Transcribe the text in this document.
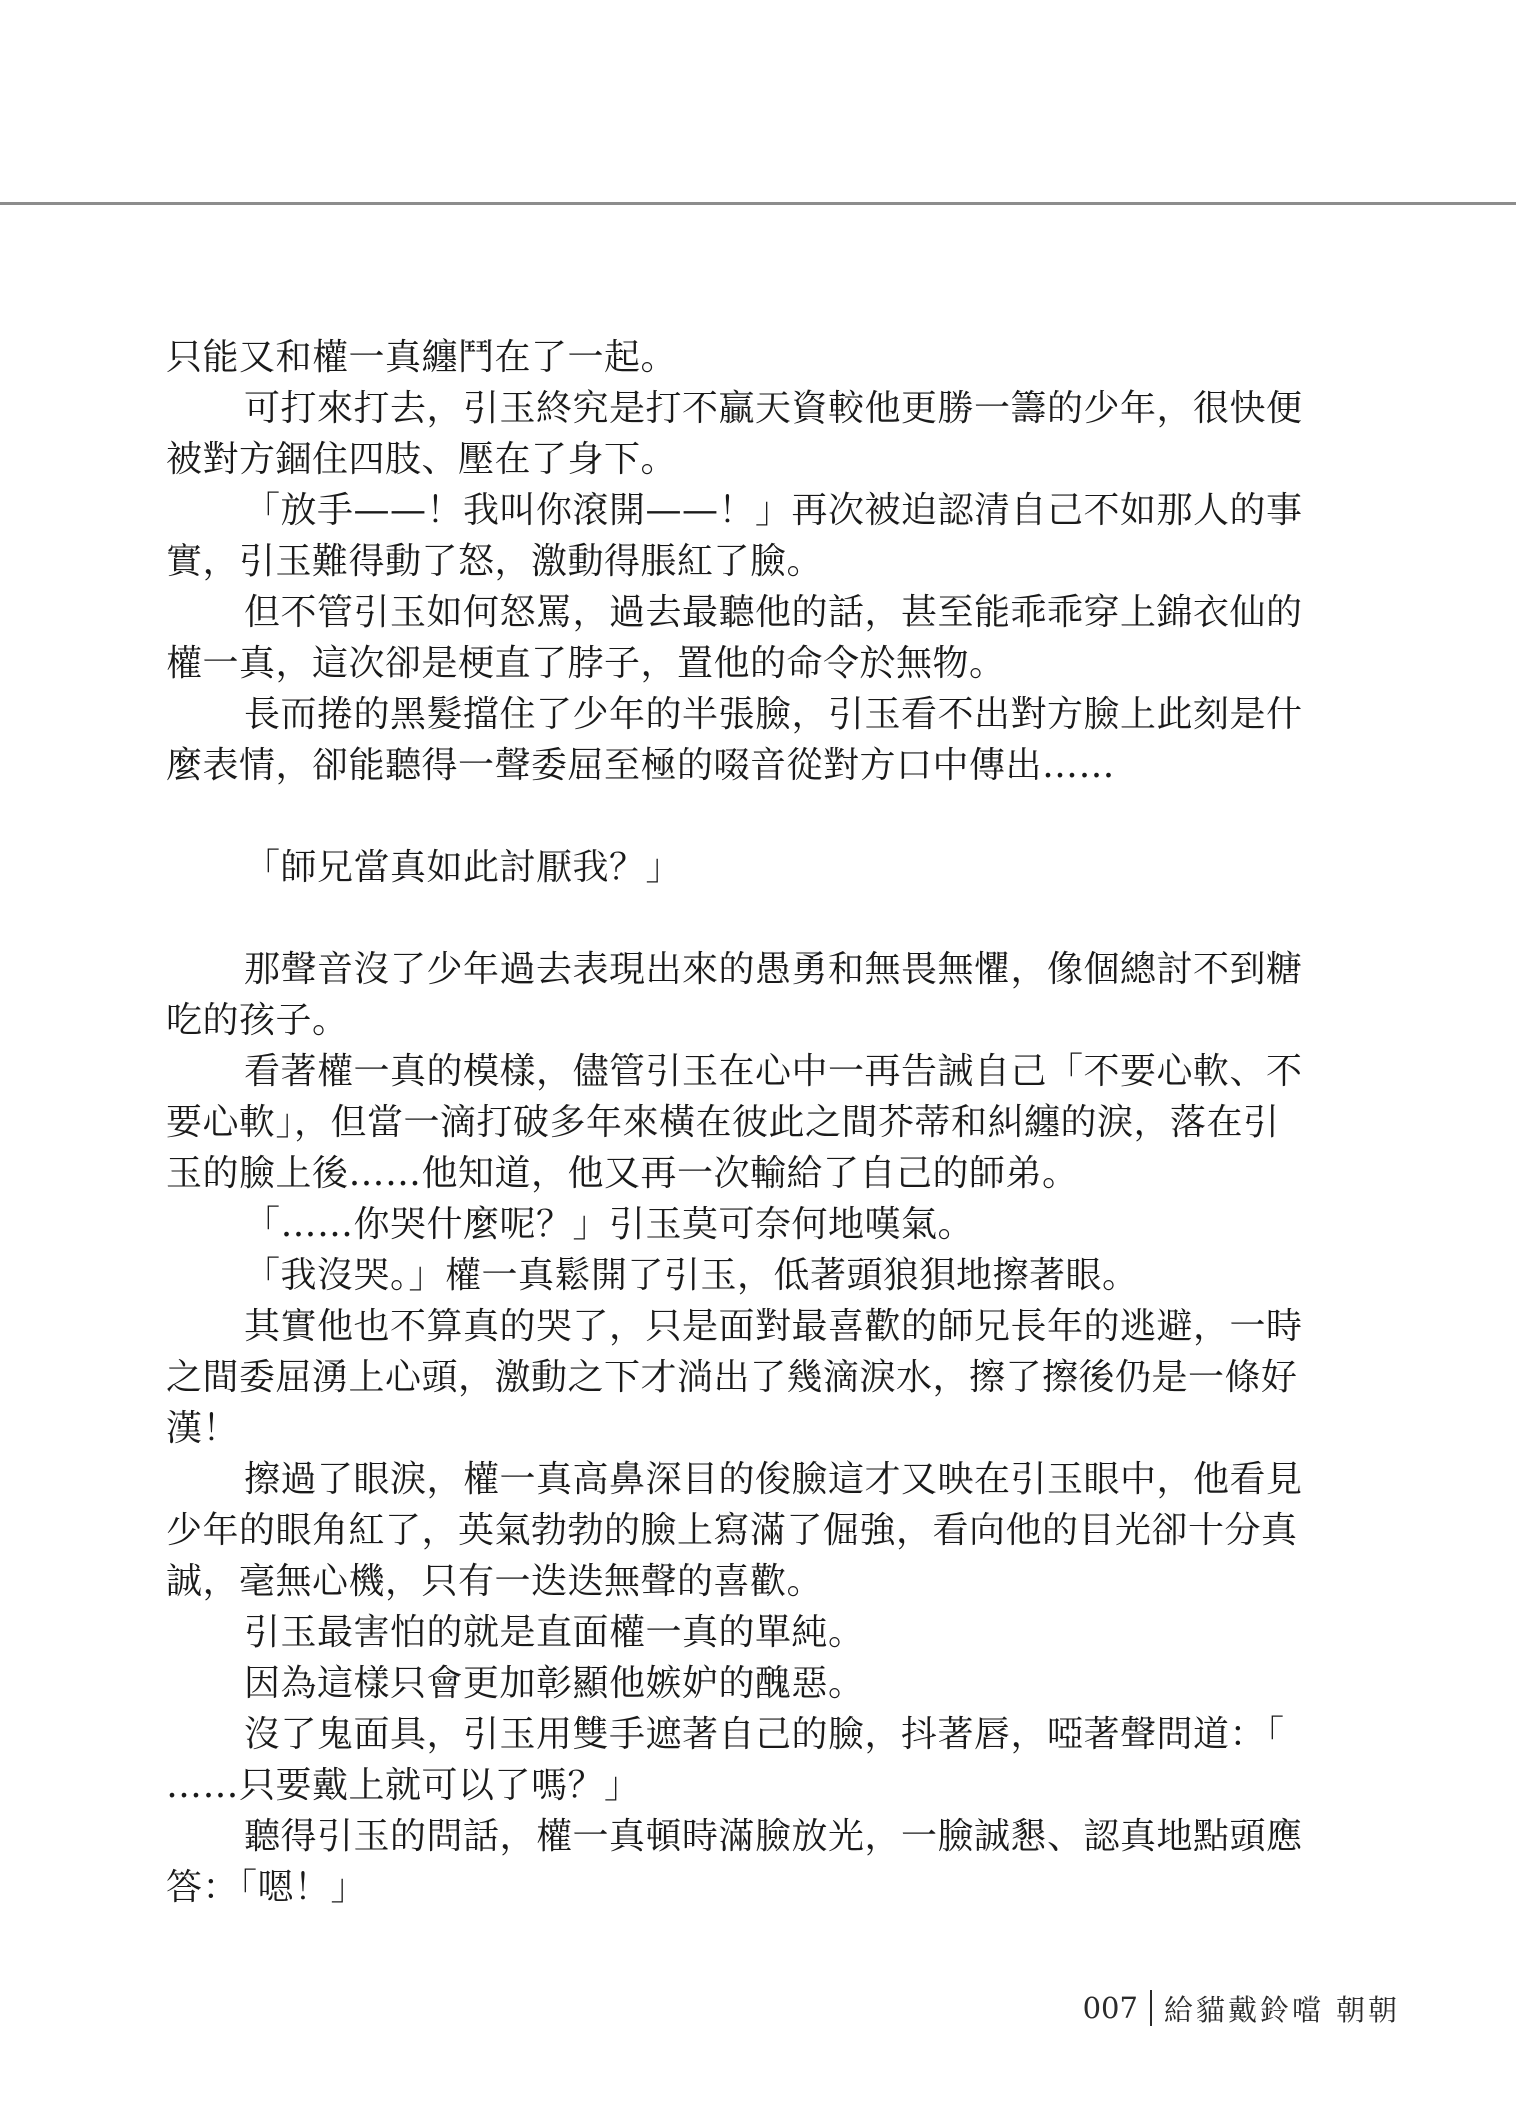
只能又和權一真纏鬥在了一起。
可打來打去，引玉終究是打不贏天資較他更勝一籌的少年，很快便
被對方錮住四肢、壓在了身下。
「放手——！我叫你滾開——！」再次被迫認清自己不如那人的事
實，引玉難得動了怒，激動得脹紅了臉。
但不管引玉如何怒罵，過去最聽他的話，甚至能乖乖穿上錦衣仙的
權一真，這次卻是梗直了脖子，置他的命令於無物。
長而捲的黑髮擋住了少年的半張臉，引玉看不出對方臉上此刻是什
麼表情，卻能聽得一聲委屈至極的啜音從對方口中傳出……
「師兄當真如此討厭我？」
那聲音沒了少年過去表現出來的愚勇和無畏無懼，像個總討不到糖
吃的孩子。
看著權一真的模樣，儘管引玉在心中一再告誡自己「不要心軟、不
要心軟」，但當一滴打破多年來橫在彼此之間芥蒂和糾纏的淚，落在引
玉的臉上後……他知道，他又再一次輸給了自己的師弟。
「……你哭什麼呢？」引玉莫可奈何地嘆氣。
「我沒哭。」權一真鬆開了引玉，低著頭狼狽地擦著眼。
其實他也不算真的哭了，只是面對最喜歡的師兄長年的逃避，一時
之間委屈湧上心頭，激動之下才淌出了幾滴淚水，擦了擦後仍是一條好
漢！
擦過了眼淚，權一真高鼻深目的俊臉這才又映在引玉眼中，他看見
少年的眼角紅了，英氣勃勃的臉上寫滿了倔強，看向他的目光卻十分真
誠，毫無心機，只有一迭迭無聲的喜歡。
引玉最害怕的就是直面權一真的單純。
因為這樣只會更加彰顯他嫉妒的醜惡。
沒了鬼面具，引玉用雙手遮著自己的臉，抖著唇，啞著聲問道：「
……只要戴上就可以了嗎？」
聽得引玉的問話，權一真頓時滿臉放光，一臉誠懇、認真地點頭應
答：「嗯！」
007 給貓戴鈴噹 朝朝
